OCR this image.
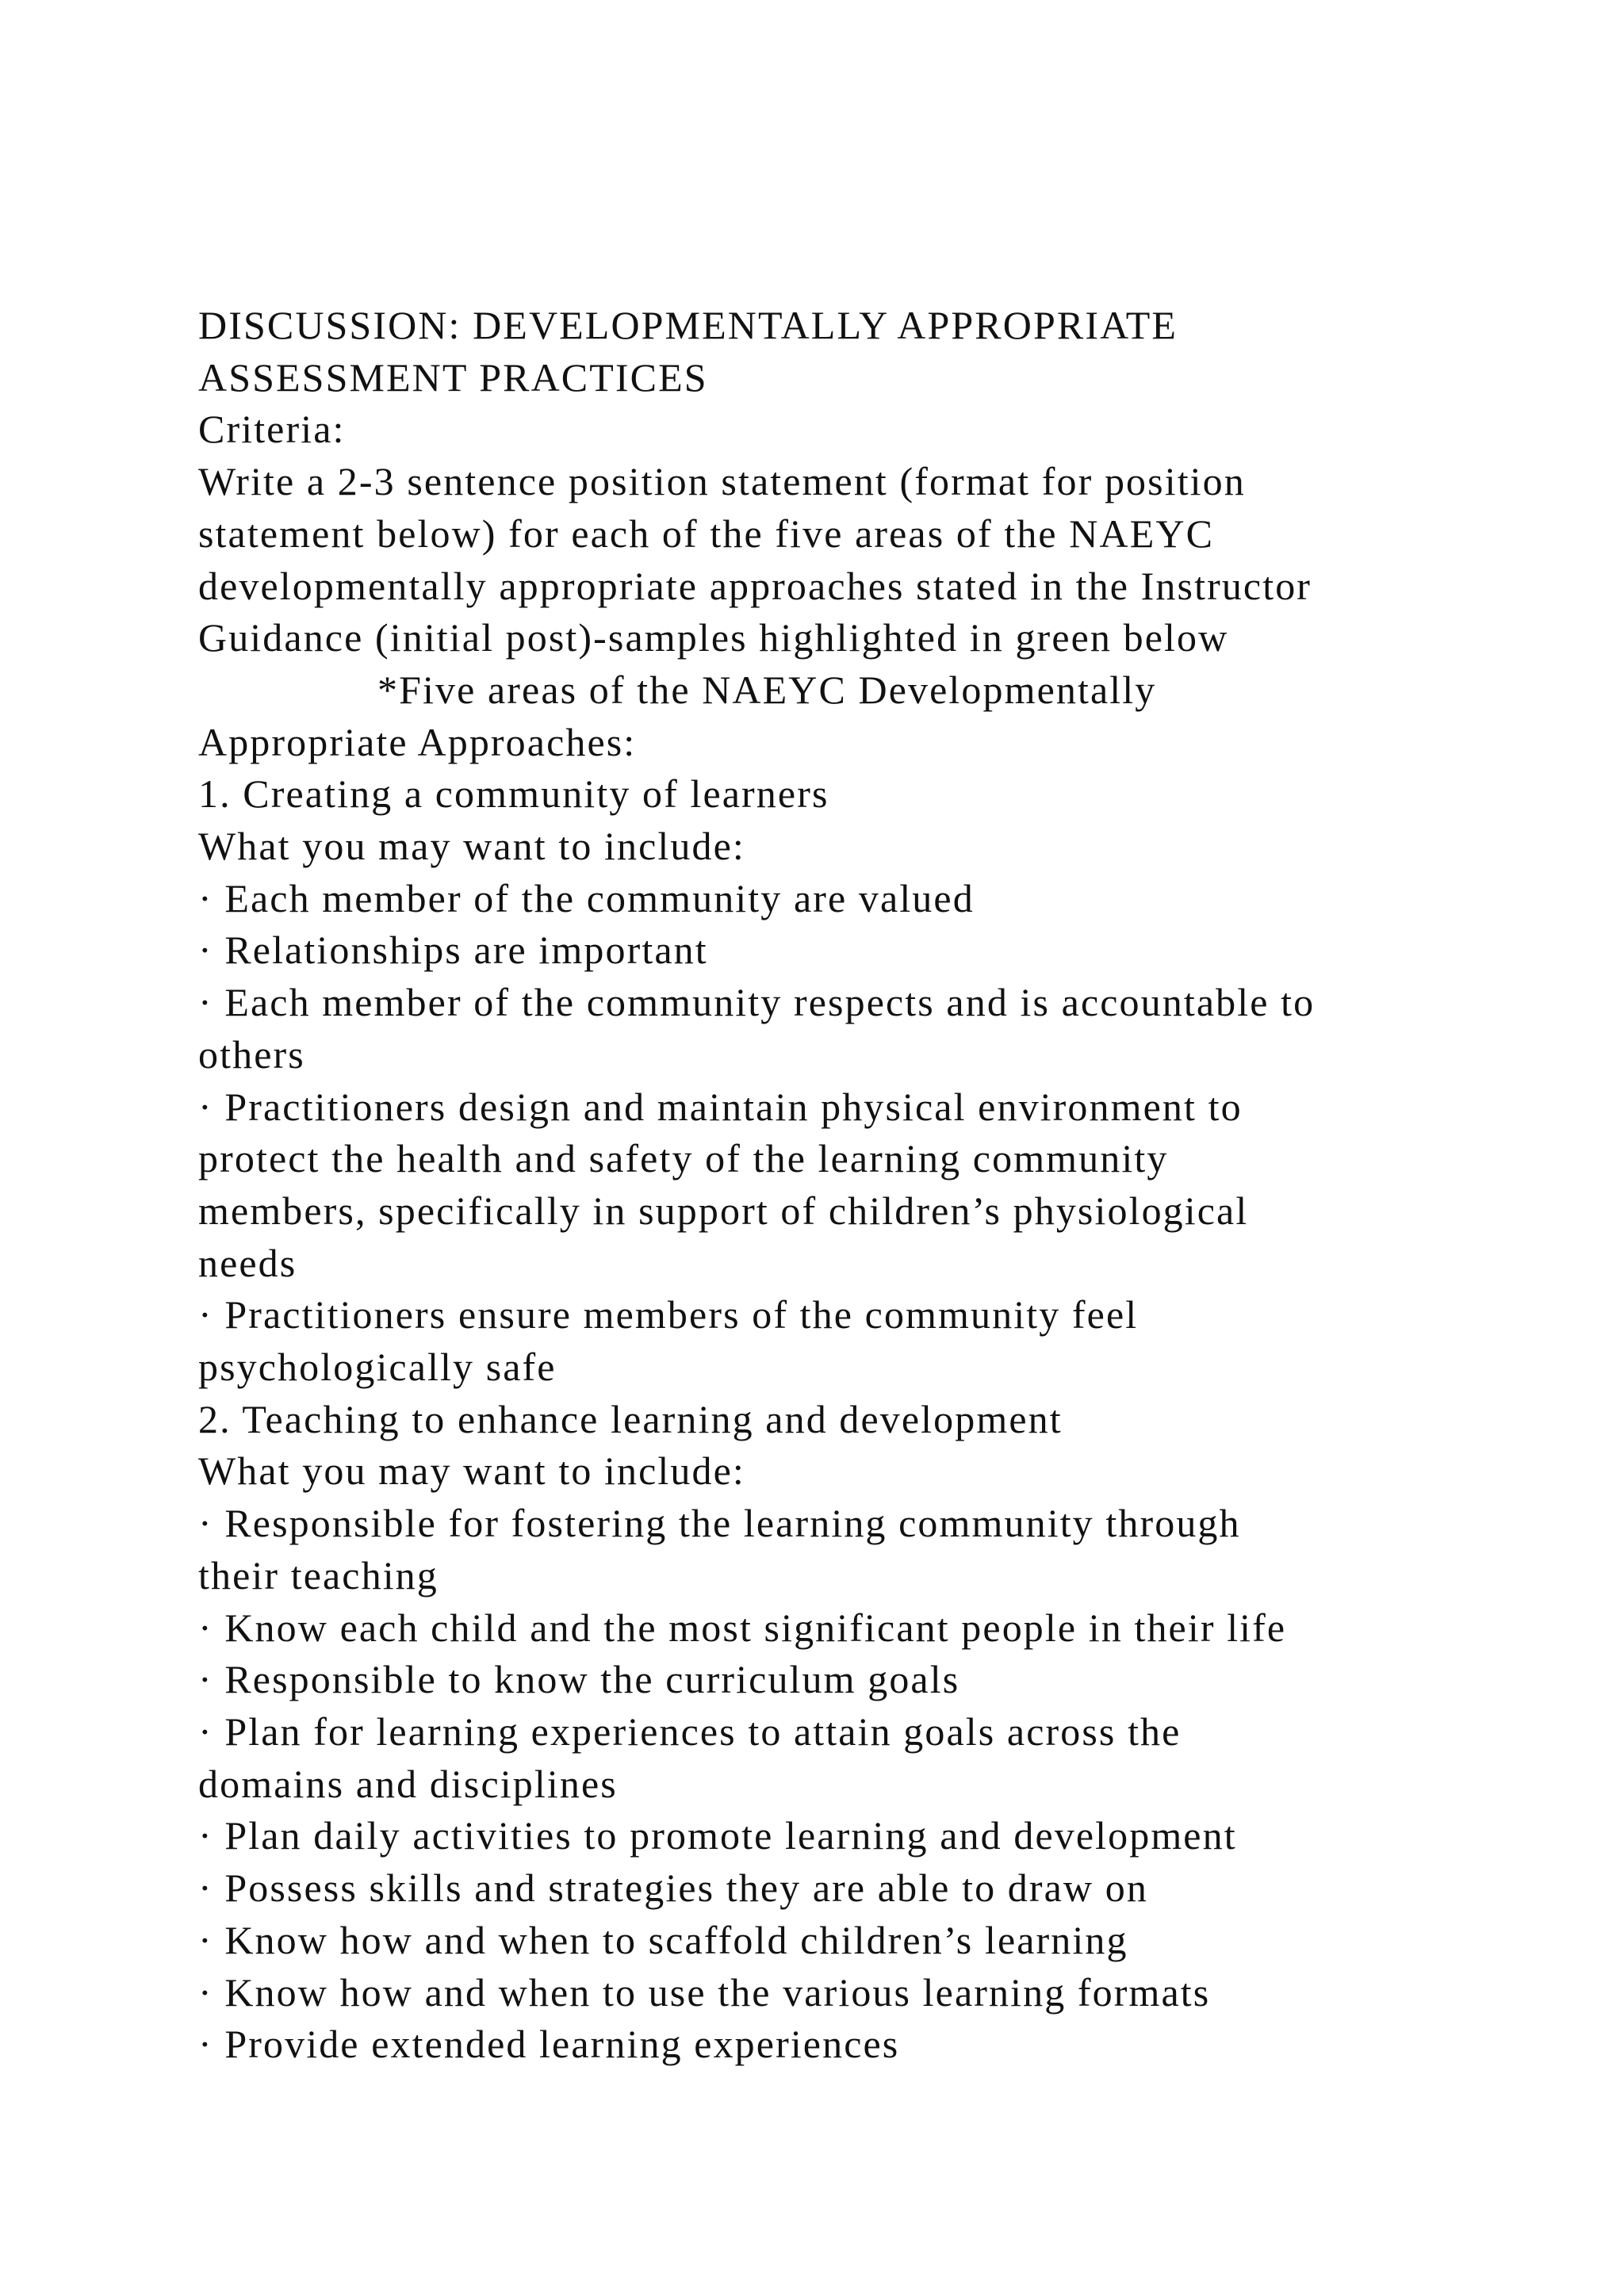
DISCUSSION: DEVELOPMENTALLY APPROPRIATE
ASSESSMENT PRACTICES
Criteria:
Write a 2-3 sentence position statement (format for position
statement below) for each of the five areas of the NAEYC
developmentally appropriate approaches stated in the Instructor
Guidance (initial post)-samples highlighted in green below
*Five areas of the NAEYC Developmentally
Appropriate Approaches:
1. Creating a community of learners
What you may want to include:
· Each member of the community are valued
· Relationships are important
· Each member of the community respects and is accountable to
others
· Practitioners design and maintain physical environment to
protect the health and safety of the learning community
members, specifically in support of children’s physiological
needs
· Practitioners ensure members of the community feel
psychologically safe
2. Teaching to enhance learning and development
What you may want to include:
· Responsible for fostering the learning community through
their teaching
· Know each child and the most significant people in their life
· Responsible to know the curriculum goals
· Plan for learning experiences to attain goals across the
domains and disciplines
· Plan daily activities to promote learning and development
· Possess skills and strategies they are able to draw on
· Know how and when to scaffold children’s learning
· Know how and when to use the various learning formats
· Provide extended learning experiences
